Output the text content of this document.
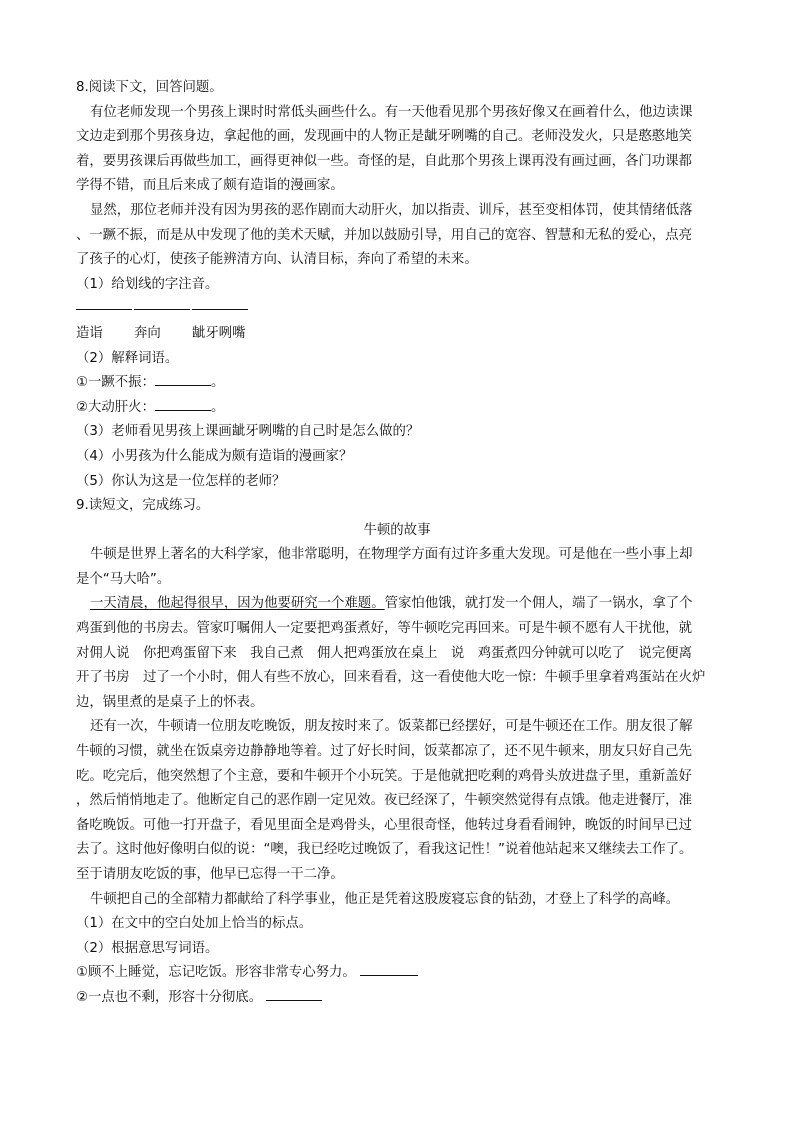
8.阅读下文，回答问题。
有位老师发现一个男孩上课时时常低头画些什么。有一天他看见那个男孩好像又在画着什么，他边读课
文边走到那个男孩身边，拿起他的画，发现画中的人物正是龇牙咧嘴的自己。老师没发火，只是憨憨地笑
着，要男孩课后再做些加工，画得更神似一些。奇怪的是，自此那个男孩上课再没有画过画，各门功课都
学得不错，而且后来成了颇有造诣的漫画家。
显然，那位老师并没有因为男孩的恶作剧而大动肝火，加以指责、训斥，甚至变相体罚，使其情绪低落
、一蹶不振，而是从中发现了他的美术天赋，并加以鼓励引导，用自己的宽容、智慧和无私的爱心，点亮
了孩子的心灯，使孩子能辨清方向、认清目标，奔向了希望的未来。
（1）给划线的字注音。
造诣 奔向 龇牙咧嘴
（2）解释词语。
①一蹶不振：	。
②大动肝火：	。
（3）老师看见男孩上课画龇牙咧嘴的自己时是怎么做的？
（4）小男孩为什么能成为颇有造诣的漫画家？
（5）你认为这是一位怎样的老师？
9.读短文，完成练习。
牛顿的故事
牛顿是世界上著名的大科学家，他非常聪明，在物理学方面有过许多重大发现。可是他在一些小事上却
是个“马大哈”。
一天清晨，他起得很早，因为他要研究一个难题。管家怕他饿，就打发一个佣人，端了一锅水，拿了个
鸡蛋到他的书房去。管家叮嘱佣人一定要把鸡蛋煮好，等牛顿吃完再回来。可是牛顿不愿有人干扰他，就
对佣人说　你把鸡蛋留下来　我自己煮　佣人把鸡蛋放在桌上　说　鸡蛋煮四分钟就可以吃了　说完便离
开了书房　过了一个小时，佣人有些不放心，回来看看，这一看使他大吃一惊：牛顿手里拿着鸡蛋站在火炉
边，锅里煮的是桌子上的怀表。
还有一次，牛顿请一位朋友吃晚饭，朋友按时来了。饭菜都已经摆好，可是牛顿还在工作。朋友很了解
牛顿的习惯，就坐在饭桌旁边静静地等着。过了好长时间，饭菜都凉了，还不见牛顿来，朋友只好自己先
吃。吃完后，他突然想了个主意，要和牛顿开个小玩笑。于是他就把吃剩的鸡骨头放进盘子里，重新盖好
，然后悄悄地走了。他断定自己的恶作剧一定见效。夜已经深了，牛顿突然觉得有点饿。他走进餐厅，准
备吃晚饭。可他一打开盘子，看见里面全是鸡骨头，心里很奇怪，他转过身看看闹钟，晚饭的时间早已过
去了。这时他好像明白似的说：“噢，我已经吃过晚饭了，看我这记性！”说着他站起来又继续去工作了。
至于请朋友吃饭的事，他早已忘得一干二净。
牛顿把自己的全部精力都献给了科学事业，他正是凭着这股废寝忘食的钻劲，才登上了科学的高峰。
（1）在文中的空白处加上恰当的标点。
（2）根据意思写词语。
①顾不上睡觉，忘记吃饭。形容非常专心努力。
②一点也不剩，形容十分彻底。
